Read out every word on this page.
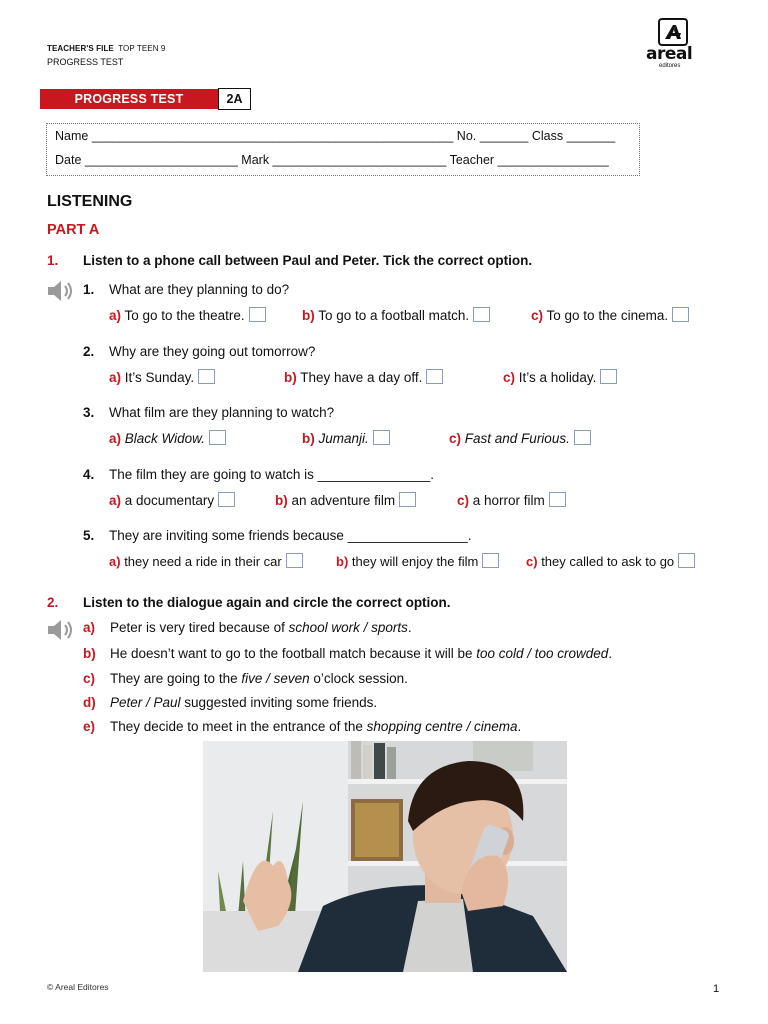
TEACHER'S FILE TOP TEEN 9
PROGRESS TEST	areal
editores
PROGRESS TEST	2A
Name ____________________________________________________ No. _______ Class _______
Date ______________________ Mark _________________________ Teacher ________________
LISTENING
PART A
1. Listen to a phone call between Paul and Peter. Tick the correct option.
1. What are they planning to do?
a) To go to the theatre.	b) To go to a football match.	c) To go to the cinema.
2. Why are they going out tomorrow?
a) It’s Sunday.	b) They have a day off.	c) It’s a holiday.
3. What film are they planning to watch?
a) Black Widow.	b) Jumanji.	c) Fast and Furious.
4. The film they are going to watch is _______________.
a) a documentary	b) an adventure film	c) a horror film
5. They are inviting some friends because ________________.
a) they need a ride in their car	b) they will enjoy the film	c) they called to ask to go
2. Listen to the dialogue again and circle the correct option.
a) Peter is very tired because of school work / sports.
b) He doesn’t want to go to the football match because it will be too cold / too crowded.
c) They are going to the five / seven o’clock session.
d) Peter / Paul suggested inviting some friends.
e) They decide to meet in the entrance of the shopping centre / cinema.
© Areal Editores	1
